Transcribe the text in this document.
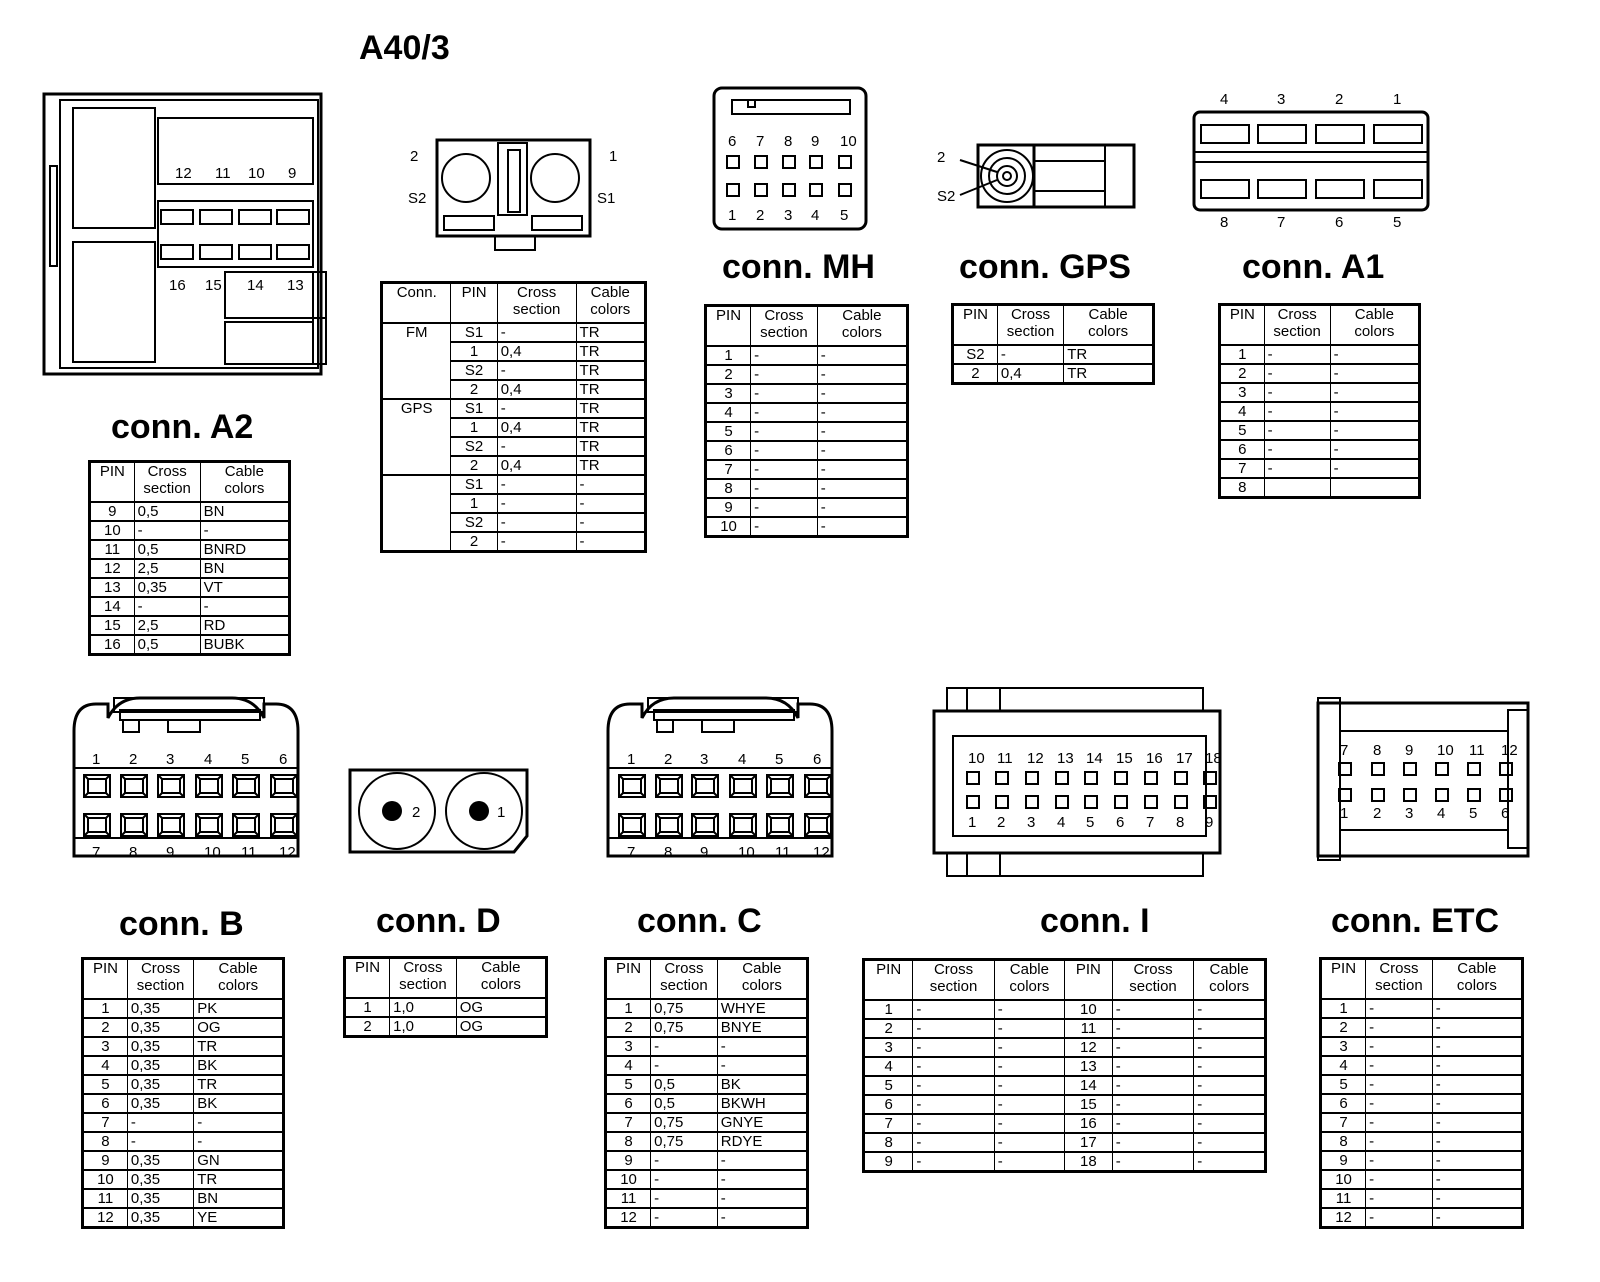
A40/3
12 11 10 9
16 15 14 13
conn. A2
PIN	Cross
section	Cable
colors
9	0,5	BN
10	-	-
11	0,5	BNRD
12	2,5	BN
13	0,35	VT
14	-	-
15	2,5	RD
16	0,5	BUBK
2
S2
1
S1
Conn.	PIN	Cross
section	Cable
colors
FM	S1	-	TR
	1	0,4	TR
	S2	-	TR
	2	0,4	TR
GPS	S1	-	TR
	1	0,4	TR
	S2	-	TR
	2	0,4	TR
	S1	-	-
	1	-	-
	S2	-	-
	2	-	-
6 7 8 9 10
1 2 3 4 5
conn. MH
PIN	Cross
section	Cable
colors
1	-	-
2	-	-
3	-	-
4	-	-
5	-	-
6	-	-
7	-	-
8	-	-
9	-	-
10	-	-
2
S2
conn. GPS
PIN	Cross
section	Cable
colors
S2	-	TR
2	0,4	TR
4	3	2	1
8	7	6	5
conn. A1
PIN	Cross
section	Cable
colors
1	-	-
2	-	-
3	-	-
4	-	-
5	-	-
6	-	-
7	-	-
8		
1 2 3 4 5 6
7 8 9 10 11 12
conn. B
PIN	Cross
section	Cable
colors
1	0,35	PK
2	0,35	OG
3	0,35	TR
4	0,35	BK
5	0,35	TR
6	0,35	BK
7	-	-
8	-	-
9	0,35	GN
10	0,35	TR
11	0,35	BN
12	0,35	YE
2	1
conn. D
PIN	Cross
section	Cable
colors
1	1,0	OG
2	1,0	OG
1 2 3 4 5 6
7 8 9 10 11 12
conn. C
PIN	Cross
section	Cable
colors
1	0,75	WHYE
2	0,75	BNYE
3	-	-
4	-	-
5	0,5	BK
6	0,5	BKWH
7	0,75	GNYE
8	0,75	RDYE
9	-	-
10	-	-
11	-	-
12	-	-
10 11 12 13 14 15 16 17 18
1 2 3 4 5 6 7 8 9
conn. I
PIN	Cross
section	Cable
colors	PIN	Cross
section	Cable
colors
1	-	-	10	-	-
2	-	-	11	-	-
3	-	-	12	-	-
4	-	-	13	-	-
5	-	-	14	-	-
6	-	-	15	-	-
7	-	-	16	-	-
8	-	-	17	-	-
9	-	-	18	-	-
7 8 9 10 11 12
1 2 3 4 5 6
conn. ETC
PIN	Cross
section	Cable
colors
1	-	-
2	-	-
3	-	-
4	-	-
5	-	-
6	-	-
7	-	-
8	-	-
9	-	-
10	-	-
11	-	-
12	-	-
